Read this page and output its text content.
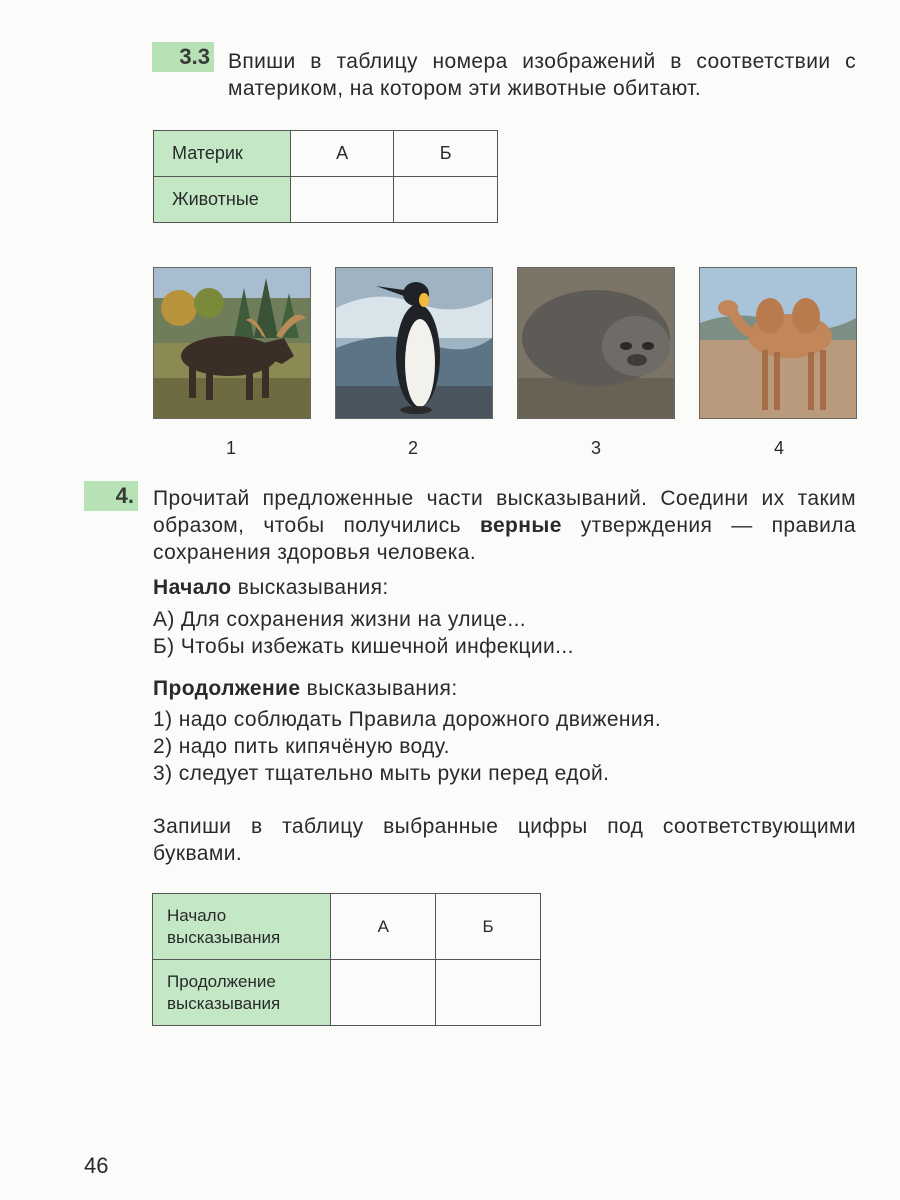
3.3 Впиши в таблицу номера изображений в соответствии с материком, на котором эти животные обитают.

Материк	А	Б
Животные		
1	2	3	4
4. Прочитай предложенные части высказываний. Соедини их таким образом, чтобы получились верные утверждения — правила сохранения здоровья человека.

Начало высказывания:
А) Для сохранения жизни на улице...
Б) Чтобы избежать кишечной инфекции...
Продолжение высказывания:
1) надо соблюдать Правила дорожного движения.
2) надо пить кипячёную воду.
3) следует тщательно мыть руки перед едой.

Запиши в таблицу выбранные цифры под соответствующими буквами.

Начало
высказывания	А	Б

Продолжение
высказывания		

46
